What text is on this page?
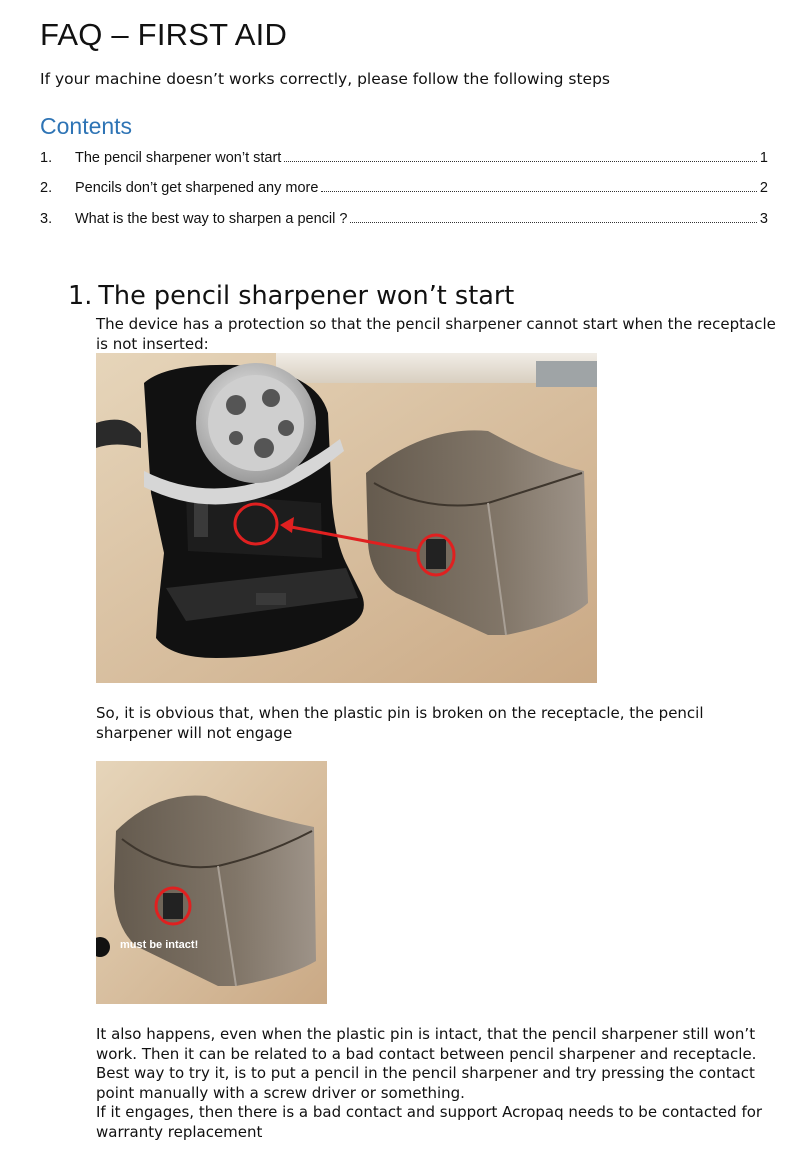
FAQ – FIRST AID
If your machine doesn’t works correctly, please follow the following steps
Contents
1.	The pencil sharpener won’t start	1
2.	Pencils don’t get sharpened any more	2
3.	What is the best way to sharpen a pencil ?	3
1. The pencil sharpener won’t start
The device has a protection so that the pencil sharpener cannot start when the receptacle is not inserted:
So, it is obvious that, when the plastic pin is broken on the receptacle, the pencil sharpener will not engage
must be intact!
It also happens, even when the plastic pin is intact, that the pencil sharpener still won’t work. Then it can be related to a bad contact between pencil sharpener and receptacle. Best way to try it, is to put a pencil in the pencil sharpener and try pressing the contact point manually with a screw driver or something.
If it engages, then there is a bad contact and support Acropaq needs to be contacted for warranty replacement
